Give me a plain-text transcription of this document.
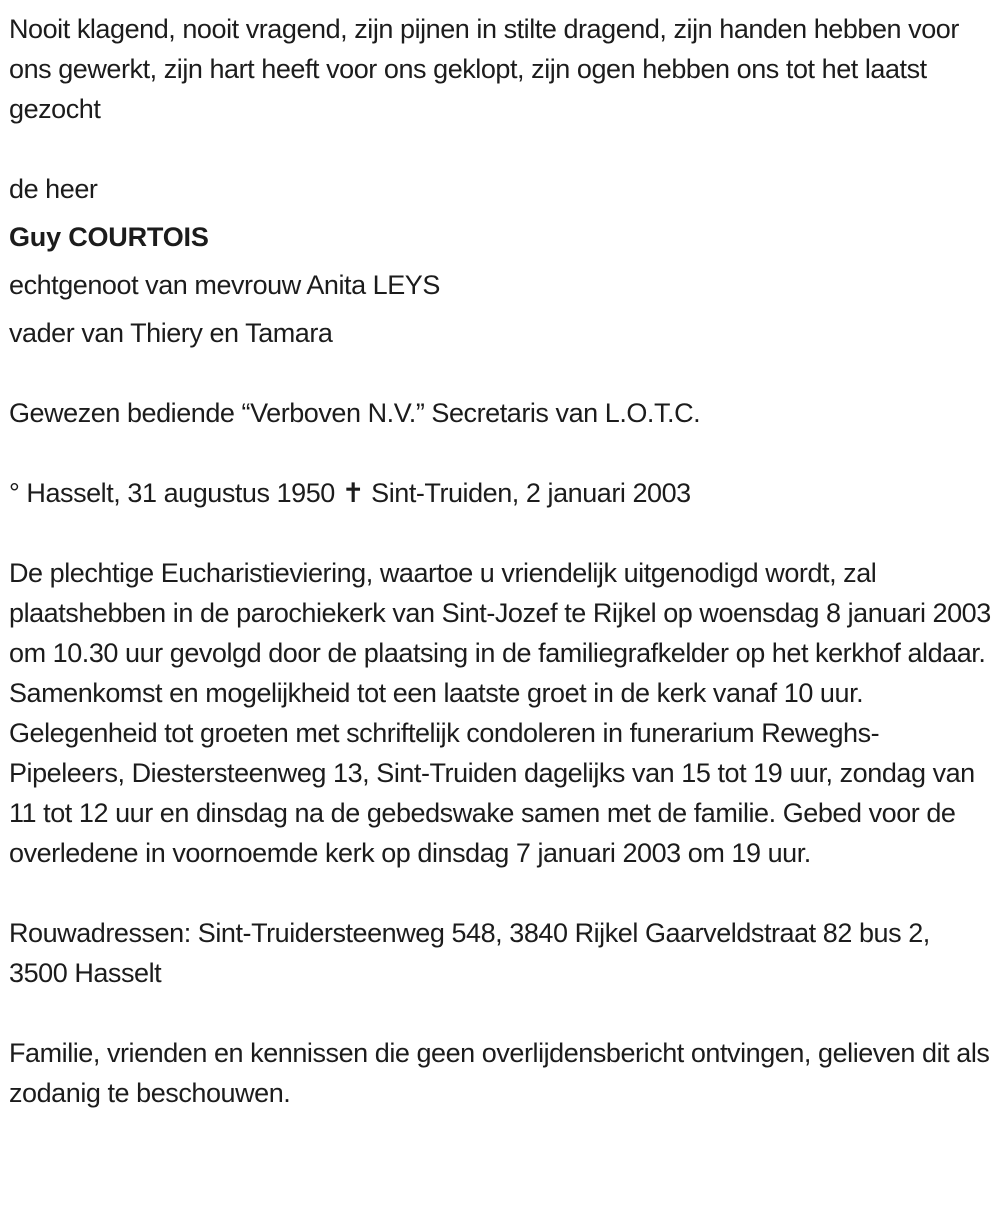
Nooit klagend, nooit vragend, zijn pijnen in stilte dragend, zijn handen hebben voor ons gewerkt, zijn hart heeft voor ons geklopt, zijn ogen hebben ons tot het laatst gezocht

de heer

Guy COURTOIS

echtgenoot van mevrouw Anita LEYS

vader van Thiery en Tamara

Gewezen bediende “Verboven N.V.” Secretaris van L.O.T.C.

° Hasselt, 31 augustus 1950 ✝ Sint-Truiden, 2 januari 2003

De plechtige Eucharistieviering, waartoe u vriendelijk uitgenodigd wordt, zal plaatshebben in de parochiekerk van Sint-Jozef te Rijkel op woensdag 8 januari 2003 om 10.30 uur gevolgd door de plaatsing in de familiegrafkelder op het kerkhof aldaar. Samenkomst en mogelijkheid tot een laatste groet in de kerk vanaf 10 uur. Gelegenheid tot groeten met schriftelijk condoleren in funerarium Reweghs-Pipeleers, Diestersteenweg 13, Sint-Truiden dagelijks van 15 tot 19 uur, zondag van 11 tot 12 uur en dinsdag na de gebedswake samen met de familie. Gebed voor de overledene in voornoemde kerk op dinsdag 7 januari 2003 om 19 uur.

Rouwadressen: Sint-Truidersteenweg 548, 3840 Rijkel Gaarveldstraat 82 bus 2, 3500 Hasselt

Familie, vrienden en kennissen die geen overlijdensbericht ontvingen, gelieven dit als zodanig te beschouwen.
